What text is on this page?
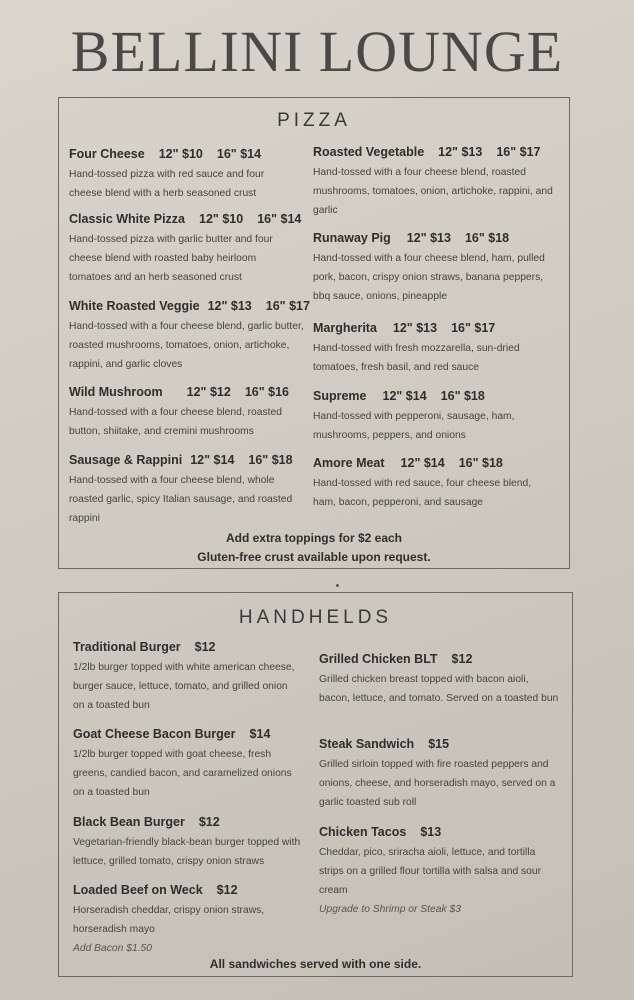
BELLINI LOUNGE
PIZZA
Four Cheese 12" $10 16" $14
Hand-tossed pizza with red sauce and four cheese blend with a herb seasoned crust
Classic White Pizza 12" $10 16" $14
Hand-tossed pizza with garlic butter and four cheese blend with roasted baby heirloom tomatoes and an herb seasoned crust
White Roasted Veggie 12" $13 16" $17
Hand-tossed with a four cheese blend, garlic butter, roasted mushrooms, tomatoes, onion, artichoke, rappini, and garlic cloves
Wild Mushroom 12" $12 16" $16
Hand-tossed with a four cheese blend, roasted button, shiitake, and cremini mushrooms
Sausage & Rappini 12" $14 16" $18
Hand-tossed with a four cheese blend, whole roasted garlic, spicy Italian sausage, and roasted rappini
Roasted Vegetable 12" $13 16" $17
Hand-tossed with a four cheese blend, roasted mushrooms, tomatoes, onion, artichoke, rappini, and garlic
Runaway Pig 12" $13 16" $18
Hand-tossed with a four cheese blend, ham, pulled pork, bacon, crispy onion straws, banana peppers, bbq sauce, onions, pineapple
Margherita 12" $13 16" $17
Hand-tossed with fresh mozzarella, sun-dried tomatoes, fresh basil, and red sauce
Supreme 12" $14 16" $18
Hand-tossed with pepperoni, sausage, ham, mushrooms, peppers, and onions
Amore Meat 12" $14 16" $18
Hand-tossed with red sauce, four cheese blend, ham, bacon, pepperoni, and sausage
Add extra toppings for $2 each
Gluten-free crust available upon request.
HANDHELDS
Traditional Burger $12
1/2lb burger topped with white american cheese, burger sauce, lettuce, tomato, and grilled onion on a toasted bun
Goat Cheese Bacon Burger $14
1/2lb burger topped with goat cheese, fresh greens, candied bacon, and caramelized onions on a toasted bun
Black Bean Burger $12
Vegetarian-friendly black-bean burger topped with lettuce, grilled tomato, crispy onion straws
Loaded Beef on Weck $12
Horseradish cheddar, crispy onion straws, horseradish mayo
Add Bacon $1.50
Grilled Chicken BLT $12
Grilled chicken breast topped with bacon aioli, bacon, lettuce, and tomato. Served on a toasted bun
Steak Sandwich $15
Grilled sirloin topped with fire roasted peppers and onions, cheese, and horseradish mayo, served on a garlic toasted sub roll
Chicken Tacos $13
Cheddar, pico, sriracha aioli, lettuce, and tortilla strips on a grilled flour tortilla with salsa and sour cream
Upgrade to Shrimp or Steak $3
All sandwiches served with one side.
